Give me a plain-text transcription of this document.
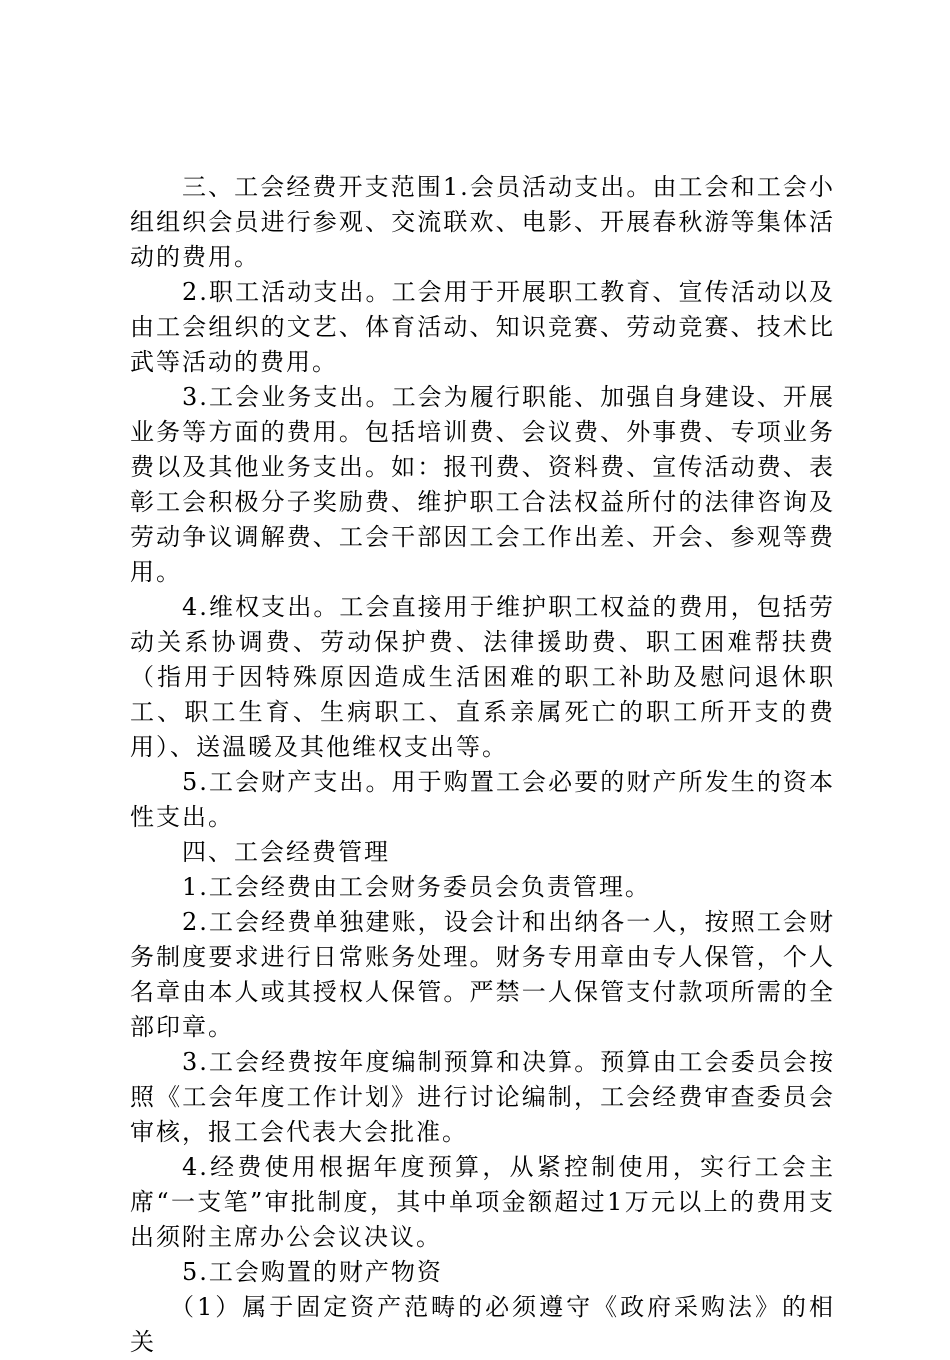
三、工会经费开支范围1.会员活动支出。由工会和工会小组组织会员进行参观、交流联欢、电影、开展春秋游等集体活动的费用。

2.职工活动支出。工会用于开展职工教育、宣传活动以及由工会组织的文艺、体育活动、知识竞赛、劳动竞赛、技术比武等活动的费用。

3.工会业务支出。工会为履行职能、加强自身建设、开展业务等方面的费用。包括培训费、会议费、外事费、专项业务费以及其他业务支出。如：报刊费、资料费、宣传活动费、表彰工会积极分子奖励费、维护职工合法权益所付的法律咨询及劳动争议调解费、工会干部因工会工作出差、开会、参观等费用。

4.维权支出。工会直接用于维护职工权益的费用，包括劳动关系协调费、劳动保护费、法律援助费、职工困难帮扶费（指用于因特殊原因造成生活困难的职工补助及慰问退休职工、职工生育、生病职工、直系亲属死亡的职工所开支的费用）、送温暖及其他维权支出等。

5.工会财产支出。用于购置工会必要的财产所发生的资本性支出。

四、工会经费管理

1.工会经费由工会财务委员会负责管理。

2.工会经费单独建账，设会计和出纳各一人，按照工会财务制度要求进行日常账务处理。财务专用章由专人保管，个人名章由本人或其授权人保管。严禁一人保管支付款项所需的全部印章。

3.工会经费按年度编制预算和决算。预算由工会委员会按照《工会年度工作计划》进行讨论编制，工会经费审查委员会审核，报工会代表大会批准。

4.经费使用根据年度预算，从紧控制使用，实行工会主席“一支笔”审批制度，其中单项金额超过1万元以上的费用支出须附主席办公会议决议。

5.工会购置的财产物资

（1）属于固定资产范畴的必须遵守《政府采购法》的相关
